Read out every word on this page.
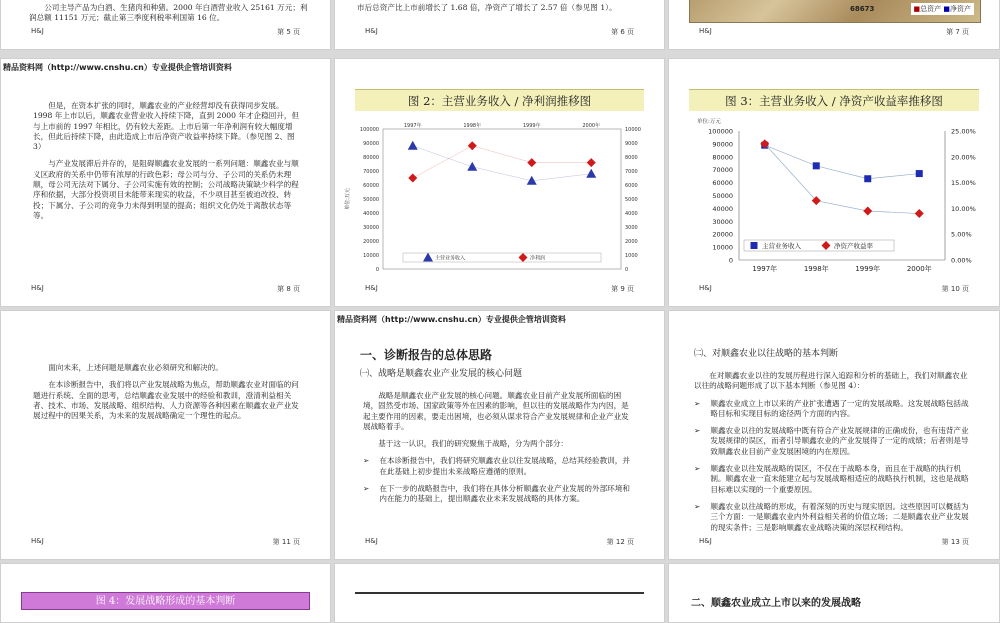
公司主导产品为白酒、生猪肉和种猪。2000 年白酒营业收入 25161 万元；利润总额 11151 万元；截止第三季度利税率利国第 16 位。
H&J	第 5 页
市后总资产比上市前增长了 1.68 倍，净资产了增长了 2.57 倍（参见图 1）。
H&J	第 6 页
68673	■总资产 ■净资产
H&J	第 7 页
精品资料网（http://www.cnshu.cn）专业提供企管培训资料

但是，在资本扩张的同时，顺鑫农业的产业经营却没有获得同步发展。1998 年上市以后，顺鑫农业营业收入持续下降，直到 2000 年才企稳回升，但与上市前的 1997 年相比，仍有较大差距。上市后第一年净利润有较大幅度增长，但此后持续下降，由此造成上市后净资产收益率持续下降。（参见图 2、图 3）

与产业发展滞后并存的，是阻碍顺鑫农业发展的一系列问题：顺鑫农业与顺义区政府的关系中仍带有浓厚的行政色彩；母公司与分、子公司的关系仍未理顺，母公司无法对下属分、子公司实施有效的控制；公司战略决策缺少科学的程序和依据，大部分投资项目未能带来现实的收益，不少项目甚至被迫改投、转投；下属分、子公司的竞争力未得到明显的提高；组织文化仍处于离散状态等等。

H&J	第 8 页
图 2：主营业务收入 / 净利润推移图
0
10000
20000
30000
40000
50000
60000
70000
80000
90000
100000
0
1000
2000
3000
4000
5000
6000
7000
8000
9000
10000
单位:万元
1997年	1998年	1999年	2000年
主营业务收入	净利润
H&J	第 9 页
图 3：主营业务收入 / 净资产收益率推移图
单位:万元
0
10000
20000
30000
40000
50000
60000
70000
80000
90000
100000
0.00%
5.00%
10.00%
15.00%
20.00%
25.00%
1997年	1998年	1999年	2000年
主营业务收入	净资产收益率
H&J	第 10 页

面向未来，上述问题是顺鑫农业必须研究和解决的。

在本诊断报告中，我们将以产业发展战略为焦点，帮助顺鑫农业对面临的问题进行系统、全面的思考，总结顺鑫农业发展中的经验和教训，澄清利益相关者、技术、市场、发展战略、组织结构、人力资源等各种因素在顺鑫农业产业发展过程中的因果关系，为未来的发展战略确定一个理性的起点。

H&J	第 11 页
精品资料网（http://www.cnshu.cn）专业提供企管培训资料
一、诊断报告的总体思路
㈠、战略是顺鑫农业产业发展的核心问题

战略是顺鑫农业产业发展的核心问题。顺鑫农业目前产业发展所面临的困境，固然受市场、国家政策等外在因素的影响，但以往的发展战略作为内因，是起主要作用的因素，要走出困境，也必须从谋求符合产业发展规律和企业产业发展战略着手。

基于这一认识，我们的研究聚焦于战略，分为两个部分：

➢ 在本诊断报告中，我们将研究顺鑫农业以往发展战略，总结其经验教训，并在此基础上初步提出未来战略应遵循的原则。
➢ 在下一步的战略报告中，我们将在具体分析顺鑫农业产业发展的外部环境和内在能力的基础上，提出顺鑫农业未来发展战略的具体方案。
H&J	第 12 页
㈡、对顺鑫农业以往战略的基本判断

在对顺鑫农业以往的发展历程进行深入追踪和分析的基础上，我们对顺鑫农业以往的战略问题形成了以下基本判断（参见图 4）：

➢ 顺鑫农业成立上市以来的产业扩张遭遇了一定的发展战略。这发展战略包括战略目标和实现目标的途径两个方面的内容。
➢ 顺鑫农业以往的发展战略中既有符合产业发展规律的正确成份，也有违背产业发展规律的误区，而者引导顺鑫农业的产业发展得了一定的成绩；后者则是导致顺鑫农业目前产业发展困境的内在原因。
➢ 顺鑫农业以往发展战略的误区，不仅在于战略本身，而且在于战略的执行机制。顺鑫农业一直未能建立起与发展战略相适应的战略执行机制，这也是战略目标难以实现的一个重要原因。
➢ 顺鑫农业以往战略的形成，有着深刻的历史与现实原因。这些原因可以概括为三个方面：一是顺鑫农业内外利益相关者的价值立场；二是顺鑫农业产业发展的现实条件；三是影响顺鑫农业战略决策的深层权利结构。
H&J	第 13 页
图 4：发展战略形成的基本判断	二、顺鑫农业成立上市以来的发展战略
